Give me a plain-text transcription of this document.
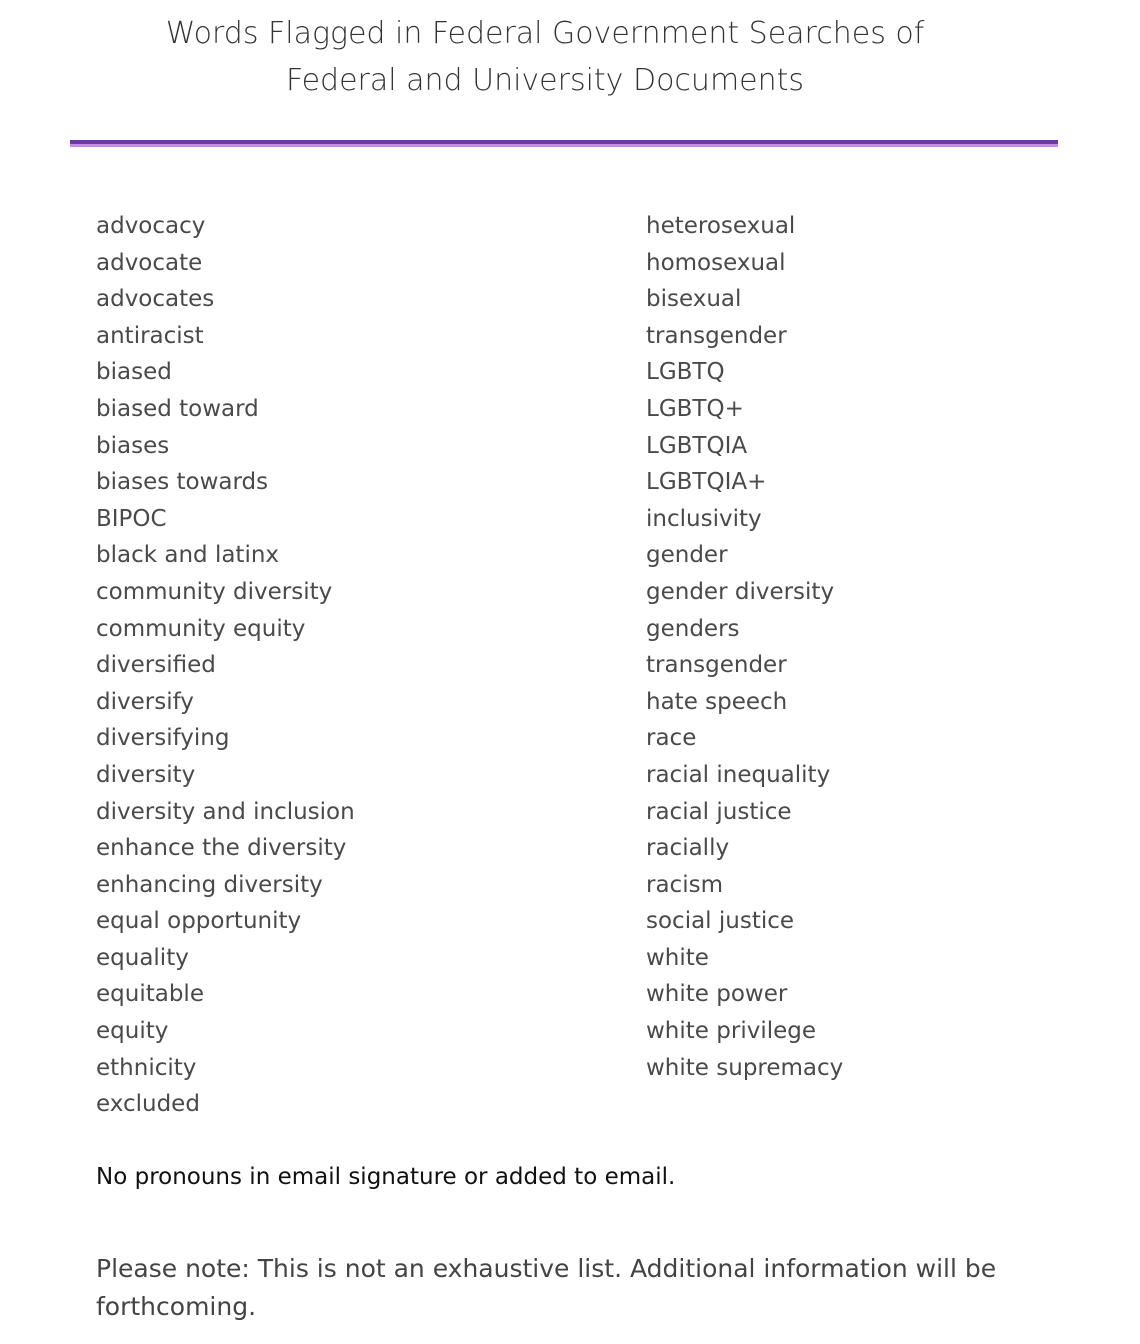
Words Flagged in Federal Government Searches of
Federal and University Documents
advocacy
advocate
advocates
antiracist
biased
biased toward
biases
biases towards
BIPOC
black and latinx
community diversity
community equity
diversified
diversify
diversifying
diversity
diversity and inclusion
enhance the diversity
enhancing diversity
equal opportunity
equality
equitable
equity
ethnicity
excluded
heterosexual
homosexual
bisexual
transgender
LGBTQ
LGBTQ+
LGBTQIA
LGBTQIA+
inclusivity
gender
gender diversity
genders
transgender
hate speech
race
racial inequality
racial justice
racially
racism
social justice
white
white power
white privilege
white supremacy
No pronouns in email signature or added to email.
Please note: This is not an exhaustive list. Additional information will be forthcoming.
